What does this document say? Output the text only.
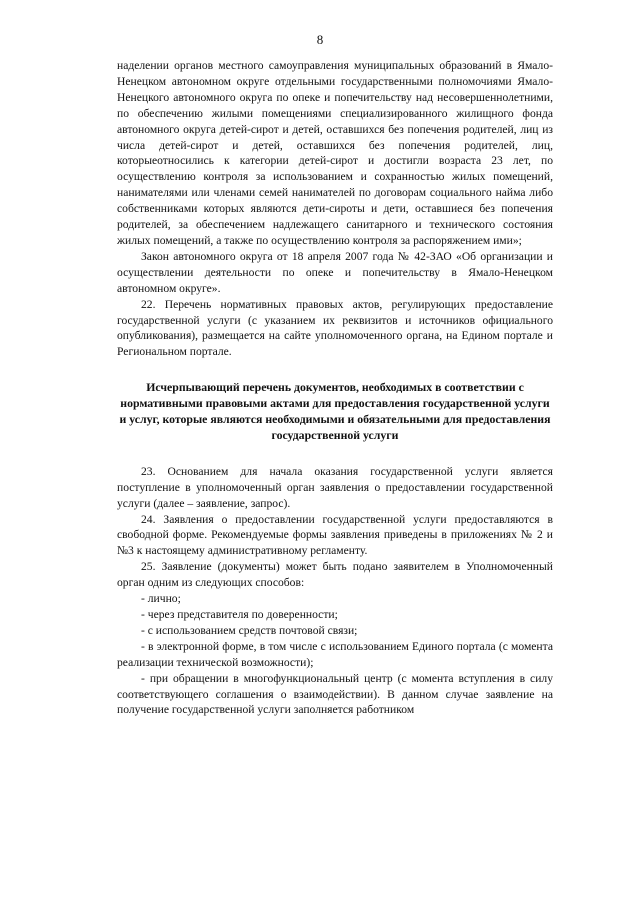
8

наделении органов местного самоуправления муниципальных образований в Ямало-Ненецком автономном округе отдельными государственными полномочиями Ямало-Ненецкого автономного округа по опеке и попечительству над несовершеннолетними, по обеспечению жилыми помещениями специализированного жилищного фонда автономного округа детей-сирот и детей, оставшихся без попечения родителей, лиц из числа детей-сирот и детей, оставшихся без попечения родителей, лиц, которыеотносились к категории детей-сирот и достигли возраста 23 лет, по осуществлению контроля за использованием и сохранностью жилых помещений, нанимателями или членами семей нанимателей по договорам социального найма либо собственниками которых являются дети-сироты и дети, оставшиеся без попечения родителей, за обеспечением надлежащего санитарного и технического состояния жилых помещений, а также по осуществлению контроля за распоряжением ими»;

Закон автономного округа от 18 апреля 2007 года № 42-ЗАО «Об организации и осуществлении деятельности по опеке и попечительству в Ямало-Ненецком автономном округе».

22. Перечень нормативных правовых актов, регулирующих предоставление государственной услуги (с указанием их реквизитов и источников официального опубликования), размещается на сайте уполномоченного органа, на Едином портале и Региональном портале.

Исчерпывающий перечень документов, необходимых в соответствии с нормативными правовыми актами для предоставления государственной услуги и услуг, которые являются необходимыми и обязательными для предоставления государственной услуги

23. Основанием для начала оказания государственной услуги является поступление в уполномоченный орган заявления о предоставлении государственной услуги (далее – заявление, запрос).

24. Заявления о предоставлении государственной услуги предоставляются в свободной форме. Рекомендуемые формы заявления приведены в приложениях № 2 и №3 к настоящему административному регламенту.

25. Заявление (документы) может быть подано заявителем в Уполномоченный орган одним из следующих способов:

- лично;

- через представителя по доверенности;

- с использованием средств почтовой связи;

- в электронной форме, в том числе с использованием Единого портала (с момента реализации технической возможности);

- при обращении в многофункциональный центр (с момента вступления в силу соответствующего соглашения о взаимодействии). В данном случае заявление на получение государственной услуги заполняется работником
